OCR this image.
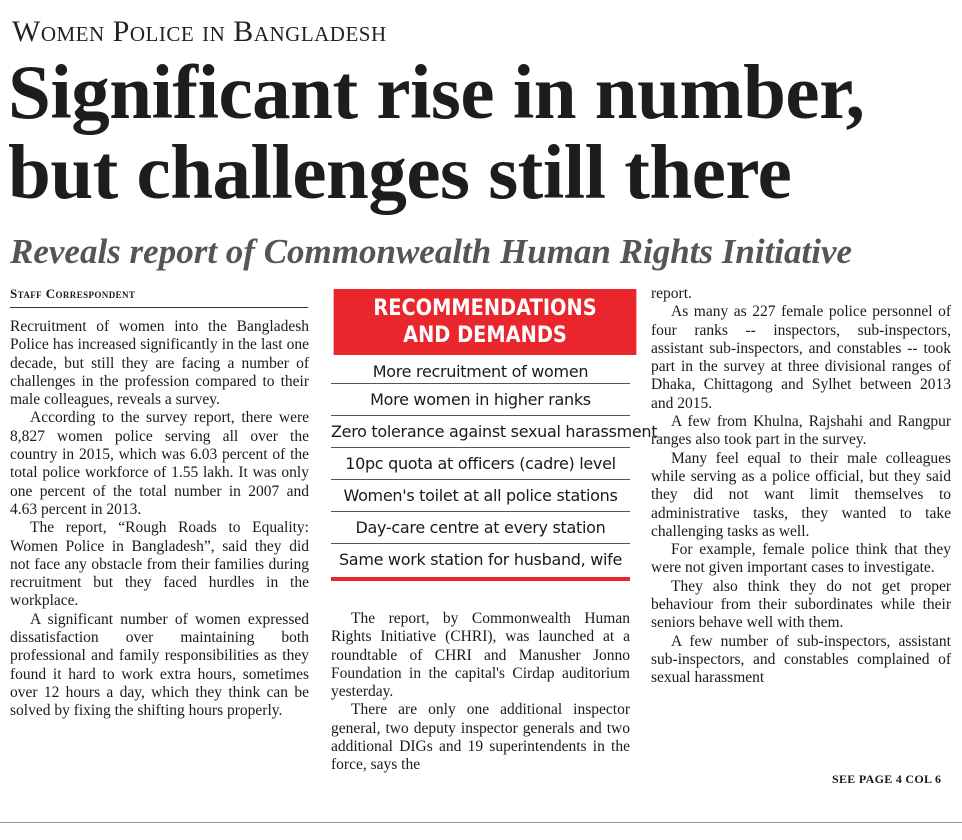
Women Police in Bangladesh
Significant rise in number,
but challenges still there
Reveals report of Commonwealth Human Rights Initiative
Staff Correspondent

Recruitment of women into the Bangladesh Police has increased significantly in the last one decade, but still they are facing a number of challenges in the profession compared to their male colleagues, reveals a survey.

According to the survey report, there were 8,827 women police serving all over the country in 2015, which was 6.03 percent of the total police workforce of 1.55 lakh. It was only one percent of the total number in 2007 and 4.63 percent in 2013.

The report, “Rough Roads to Equality: Women Police in Bangladesh”, said they did not face any obstacle from their families during recruitment but they faced hurdles in the workplace.

A significant number of women expressed dissatisfaction over maintaining both professional and family responsibilities as they found it hard to work extra hours, sometimes over 12 hours a day, which they think can be solved by fixing the shifting hours properly.

RECOMMENDATIONS
AND DEMANDS
More recruitment of women
More women in higher ranks
Zero tolerance against sexual harassment
10pc quota at officers (cadre) level
Women's toilet at all police stations
Day-care centre at every station
Same work station for husband, wife

The report, by Commonwealth Human Rights Initiative (CHRI), was launched at a roundtable of CHRI and Manusher Jonno Foundation in the capital's Cirdap auditorium yesterday.

There are only one additional inspector general, two deputy inspector generals and two additional DIGs and 19 superintendents in the force, says the

report.

As many as 227 female police personnel of four ranks -- inspectors, sub-inspectors, assistant sub-inspectors, and constables -- took part in the survey at three divisional ranges of Dhaka, Chittagong and Sylhet between 2013 and 2015.

A few from Khulna, Rajshahi and Rangpur ranges also took part in the survey.

Many feel equal to their male colleagues while serving as a police official, but they said they did not want limit themselves to administrative tasks, they wanted to take challenging tasks as well.

For example, female police think that they were not given important cases to investigate.

They also think they do not get proper behaviour from their subordinates while their seniors behave well with them.

A few number of sub-inspectors, assistant sub-inspectors, and constables complained of sexual harassment

SEE PAGE 4 COL 6
